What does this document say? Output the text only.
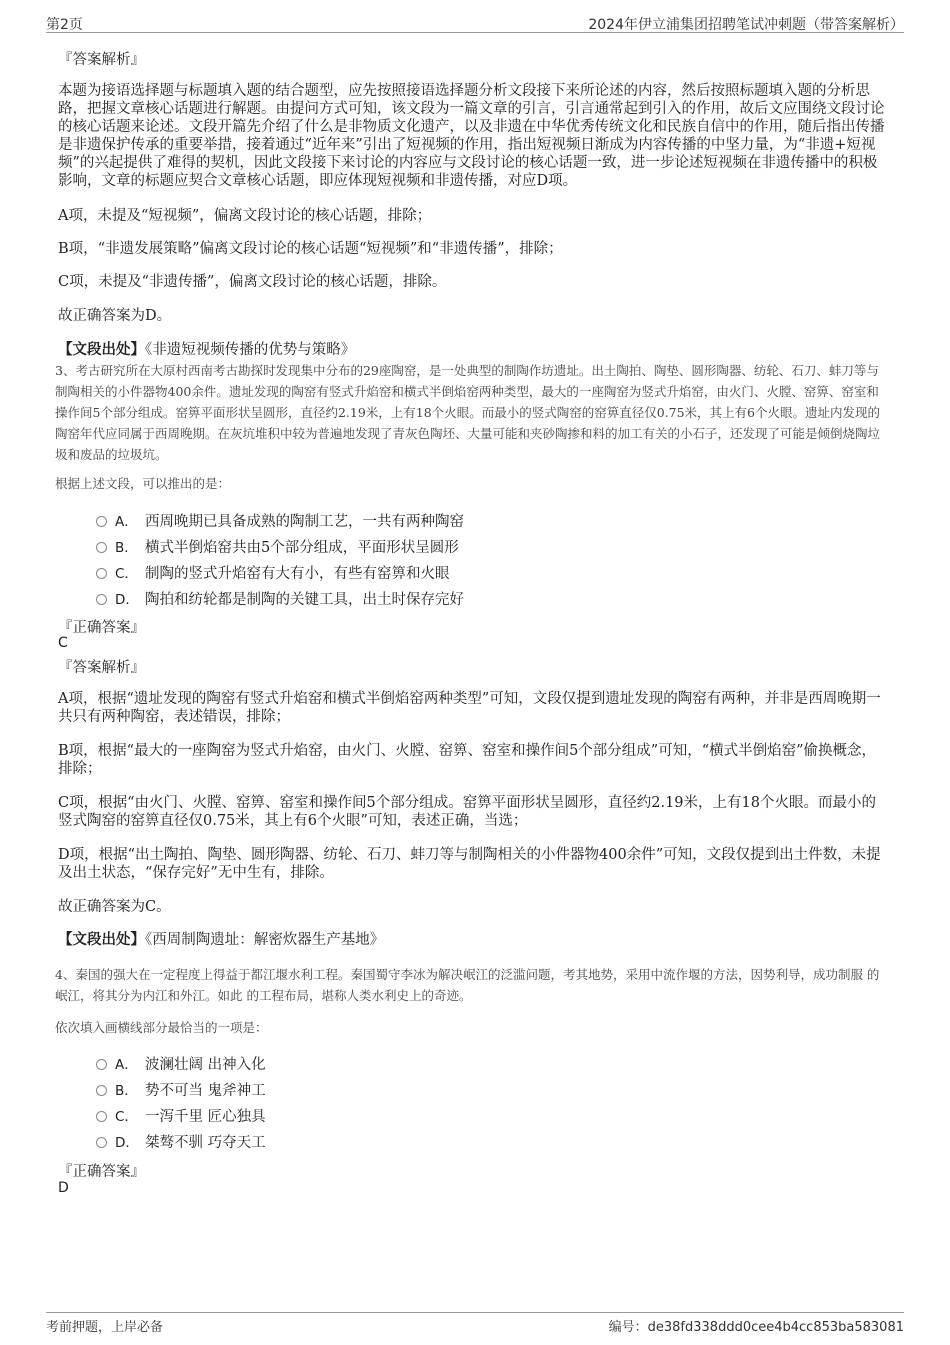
第2页	2024年伊立浦集团招聘笔试冲刺题（带答案解析）
『答案解析』
本题为接语选择题与标题填入题的结合题型，应先按照接语选择题分析文段接下来所论述的内容，然后按照标题填入题的分析思路，把握文章核心话题进行解题。由提问方式可知，该文段为一篇文章的引言，引言通常起到引入的作用，故后文应围绕文段讨论的核心话题来论述。文段开篇先介绍了什么是非物质文化遗产，以及非遗在中华优秀传统文化和民族自信中的作用，随后指出传播是非遗保护传承的重要举措，接着通过“近年来”引出了短视频的作用，指出短视频日渐成为内容传播的中坚力量，为“非遗+短视频”的兴起提供了难得的契机，因此文段接下来讨论的内容应与文段讨论的核心话题一致，进一步论述短视频在非遗传播中的积极影响，文章的标题应契合文章核心话题，即应体现短视频和非遗传播，对应D项。
A项，未提及“短视频”，偏离文段讨论的核心话题，排除；
B项，“非遗发展策略”偏离文段讨论的核心话题“短视频”和“非遗传播”，排除；
C项，未提及“非遗传播”，偏离文段讨论的核心话题，排除。
故正确答案为D。
【文段出处】《非遗短视频传播的优势与策略》
3、考古研究所在大原村西南考古勘探时发现集中分布的29座陶窑，是一处典型的制陶作坊遗址。出土陶拍、陶垫、圆形陶器、纺轮、石刀、蚌刀等与制陶相关的小件器物400余件。遗址发现的陶窑有竖式升焰窑和横式半倒焰窑两种类型，最大的一座陶窑为竖式升焰窑，由火门、火膛、窑箅、窑室和操作间5个部分组成。窑箅平面形状呈圆形，直径约2.19米，上有18个火眼。而最小的竖式陶窑的窑箅直径仅0.75米，其上有6个火眼。遗址内发现的陶窑年代应同属于西周晚期。在灰坑堆积中较为普遍地发现了青灰色陶坯、大量可能和夹砂陶掺和料的加工有关的小石子，还发现了可能是倾倒烧陶垃圾和废品的垃圾坑。
根据上述文段，可以推出的是：
A． 西周晚期已具备成熟的陶制工艺，一共有两种陶窑
B． 横式半倒焰窑共由5个部分组成，平面形状呈圆形
C． 制陶的竖式升焰窑有大有小，有些有窑箅和火眼
D． 陶拍和纺轮都是制陶的关键工具，出土时保存完好
『正确答案』
C
『答案解析』
A项，根据“遗址发现的陶窑有竖式升焰窑和横式半倒焰窑两种类型”可知，文段仅提到遗址发现的陶窑有两种，并非是西周晚期一共只有两种陶窑，表述错误，排除；
B项，根据“最大的一座陶窑为竖式升焰窑，由火门、火膛、窑箅、窑室和操作间5个部分组成”可知，“横式半倒焰窑”偷换概念，排除；
C项，根据“由火门、火膛、窑箅、窑室和操作间5个部分组成。窑箅平面形状呈圆形，直径约2.19米，上有18个火眼。而最小的竖式陶窑的窑箅直径仅0.75米，其上有6个火眼”可知，表述正确，当选；
D项，根据“出土陶拍、陶垫、圆形陶器、纺轮、石刀、蚌刀等与制陶相关的小件器物400余件”可知，文段仅提到出土件数，未提及出土状态，“保存完好”无中生有，排除。
故正确答案为C。
【文段出处】《西周制陶遗址：解密炊器生产基地》
4、秦国的强大在一定程度上得益于都江堰水利工程。秦国蜀守李冰为解决岷江的泛滥问题，考其地势，采用中流作堰的方法，因势利导，成功制服 的岷江，将其分为内江和外江。如此 的工程布局，堪称人类水利史上的奇迹。
依次填入画横线部分最恰当的一项是：
A． 波澜壮阔 出神入化
B． 势不可当 鬼斧神工
C． 一泻千里 匠心独具
D． 桀骜不驯 巧夺天工
『正确答案』
D
考前押题，上岸必备	编号：de38fd338ddd0cee4b4cc853ba583081
